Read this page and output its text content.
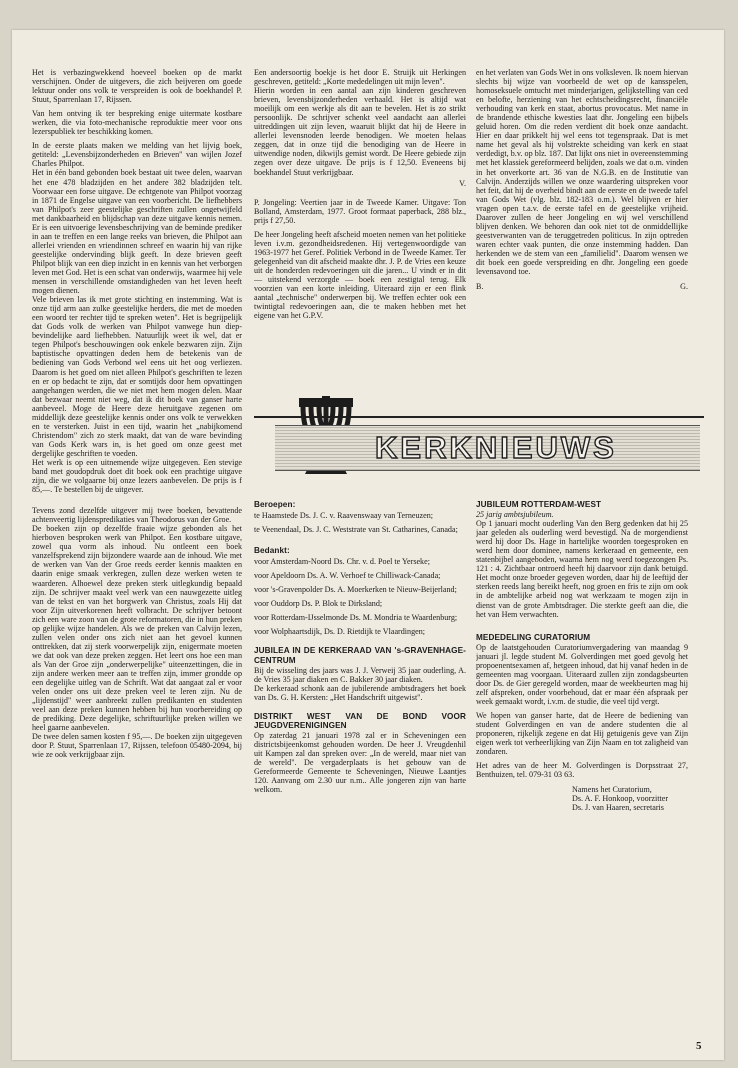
Het is verbazingwekkend hoeveel boeken op de markt verschijnen. Onder de uitgevers, die zich beijveren om goede lektuur onder ons volk te verspreiden is ook de boekhandel P. Stuut, Sparrenlaan 17, Rijssen.

Van hem ontving ik ter bespreking enige uitermate kostbare werken, die via foto-mechanische reproduktie meer voor ons lezerspubliek ter beschikking komen.

In de eerste plaats maken we melding van het lijvig boek, getiteld: „Levensbijzonderheden en Brieven" van wijlen Jozef Charles Philpot.

Het in één band gebonden boek bestaat uit twee delen, waarvan het ene 478 bladzijden en het andere 382 bladzijden telt. Voorwaar een forse uitgave. De echtgenote van Philpot voorzag in 1871 de Engelse uitgave van een voorbericht. De liefhebbers van Philpot's zeer geestelijke geschriften zullen ongetwijfeld met dankbaarheid en blijdschap van deze uitgave kennis nemen. Er is een uitvoerige levensbeschrijving van de beminde prediker in aan te treffen en een lange reeks van brieven, die Philpot aan allerlei vrienden en vriendinnen schreef en waarin hij van rijke geestelijke ondervinding blijk geeft. In deze brieven geeft Philpot blijk van een diep inzicht in en kennis van het verborgen leven met God. Het is een schat van onderwijs, waarmee hij vele mensen in verschillende omstandigheden van het leven heeft mogen dienen.

Vele brieven las ik met grote stichting en instemming. Wat is onze tijd arm aan zulke geestelijke herders, die met de moeden een woord ter rechter tijd te spreken weten". Het is begrijpelijk dat Gods volk de werken van Philpot vanwege hun diep-bevindelijke aard liefhebben. Natuurlijk weet ik wel, dat er tegen Philpot's beschouwingen ook enkele bezwaren zijn. Zijn baptistische opvattingen deden hem de betekenis van de bediening van Gods Verbond wel eens uit het oog verliezen. Daarom is het goed om niet alleen Philpot's geschriften te lezen en er op bedacht te zijn, dat er somtijds door hem opvattingen aangehangen werden, die we niet met hem mogen delen. Maar dat bezwaar neemt niet weg, dat ik dit boek van ganser harte aanbeveel. Moge de Heere deze heruitgave zegenen om middellijk deze geestelijke kennis onder ons volk te verwekken en te versterken. Juist in een tijd, waarin het „nabijkomend Christendom" zich zo sterk maakt, dat van de ware bevinding van Gods Kerk wars in, is het goed om onze geest met dergelijke geschriften te voeden.

Het werk is op een uitnemende wijze uitgegeven. Een stevige band met goudopdruk doet dit boek ook een prachtige uitgave zijn, die we volgaarne bij onze lezers aanbevelen. De prijs is f 85,—. Te bestellen bij de uitgever.

Tevens zond dezelfde uitgever mij twee boeken, bevattende achtenveertig lijdenspredikaties van Theodorus van der Groe.

De boeken zijn op dezelfde fraaie wijze gebonden als het hierboven besproken werk van Philpot. Een kostbare uitgave, zowel qua vorm als inhoud. Nu ontleent een boek vanzelfsprekend zijn bijzondere waarde aan de inhoud. Wie met de werken van Van der Groe reeds eerder kennis maakten en daarin enige smaak verkregen, zullen deze werken weten te waarderen. Alhoewel deze preken sterk uitlegkundig bepaald zijn. De schrijver maakt veel werk van een nauwgezette uitleg van de tekst en van het borgwerk van Christus, zoals Hij dat voor Zijn uitverkorenen heeft volbracht. De schrijver betoont zich een ware zoon van de grote reformatoren, die in hun preken op gelijke wijze handelen. Als we de preken van Calvijn lezen, zullen velen onder ons zich niet aan het gevoel kunnen onttrekken, dat zij sterk voorwerpelijk zijn, enigermate moeten we dat ook van deze preken zeggen. Het leert ons hoe een man als Van der Groe zijn „onderwerpelijke" uiteenzettingen, die in zijn andere werken meer aan te treffen zijn, immer grondde op een degelijke uitleg van de Schrift. Wat dat aangaat zal er voor velen onder ons uit deze preken veel te leren zijn. Nu de „lijdenstijd" weer aanbreekt zullen predikanten en studenten veel aan deze preken kunnen hebben bij hun voorbereiding op de prediking. Deze degelijke, schriftuurlijke preken willen we heel gaarne aanbevelen.

De twee delen samen kosten f 95,—. De boeken zijn uitgegeven door P. Stuut, Sparrenlaan 17, Rijssen, telefoon 05480-2094, bij wie ze ook verkrijgbaar zijn.

Een andersoortig boekje is het door E. Struijk uit Herkingen geschreven, getiteld: „Korte mededelingen uit mijn leven".

Hierin worden in een aantal aan zijn kinderen geschreven brieven, levensbijzonderheden verhaald. Het is altijd wat moeilijk om een werkje als dit aan te bevelen. Het is zo strikt persoonlijk. De schrijver schenkt veel aandacht aan allerlei uitreddingen uit zijn leven, waaruit blijkt dat hij de Heere in allerlei levensnoden leerde benodigen. We moeten helaas zeggen, dat in onze tijd die benodiging van de Heere in uitwendige noden, dikwijls gemist wordt. De Heere gebiede zijn zegen over deze uitgave. De prijs is f 12,50. Eveneens bij boekhandel Stuut verkrijgbaar.

V.

P. Jongeling: Veertien jaar in de Tweede Kamer. Uitgave: Ton Bolland, Amsterdam, 1977. Groot formaat paperback, 288 blz., prijs f 27,50.

De heer Jongeling heeft afscheid moeten nemen van het politieke leven i.v.m. gezondheidsredenen. Hij vertegenwoordigde van 1963-1977 het Geref. Politiek Verbond in de Tweede Kamer. Ter gelegenheid van dit afscheid maakte dhr. J. P. de Vries een keuze uit de honderden redevoeringen uit die jaren... U vindt er in dit — uitstekend verzorgde — boek een zestigtal terug. Elk voorzien van een korte inleiding. Uiteraard zijn er een flink aantal „technische" onderwerpen bij. We treffen echter ook een twintigtal redevoeringen aan, die te maken hebben met het eigene van het G.P.V.

en het verlaten van Gods Wet in ons volksleven. Ik noem hiervan slechts bij wijze van voorbeeld de wet op de kansspelen, homoseksuele omtucht met minderjarigen, gelijkstelling van ced en belofte, herziening van het echtscheidingsrecht, financiële verhouding van kerk en staat, abortus provocatus. Met name in de brandende ethische kwesties laat dhr. Jongeling een bijbels geluid horen. Om die reden verdient dit boek onze aandacht. Hier en daar prikkelt hij wel eens tot tegenspraak. Dat is met name het geval als hij volstrekte scheiding van kerk en staat verdedigt, b.v. op blz. 187. Dat lijkt ons niet in overeenstemming met het klassiek gereformeerd belijden, zoals we dat o.m. vinden in het onverkorte art. 36 van de N.G.B. en de Institutie van Calvijn. Anderzijds willen we onze waardering uitspreken voor het feit, dat hij de overheid bindt aan de eerste en de tweede tafel van Gods Wet (vlg. blz. 182-183 o.m.). Wel blijven er hier vragen open t.a.v. de eerste tafel en de geestelijke vrijheid. Daarover zullen de heer Jongeling en wij wel verschillend blijven denken. We behoren dan ook niet tot de onmiddellijke geestverwanten van de teruggetreden politicus. In zijn optreden waren echter vaak punten, die onze instemming hadden. Dan herkenden we de stem van een „familielid". Daarom wensen we dit boek een goede verspreiding en dhr. Jongeling een goede levensavond toe.

B.	G.
KERKNIEUWS
Beroepen:

te Haamstede Ds. J. C. v. Raavenswaay van Terneuzen;

te Veenendaal, Ds. J. C. Weststrate van St. Catharines, Canada;

Bedankt:

voor Amsterdam-Noord Ds. Chr. v. d. Poel te Yerseke;

voor Apeldoorn Ds. A. W. Verhoef te Chilliwack-Canada;

voor 's-Gravenpolder Ds. A. Moerkerken te Nieuw-Beijerland;

voor Ouddorp Ds. P. Blok te Dirksland;

voor Rotterdam-IJsselmonde Ds. M. Mondria te Waardenburg;

voor Wolphaartsdijk, Ds. D. Rietdijk te Vlaardingen;

JUBILEA IN DE KERKERAAD VAN 's-GRAVENHAGE-CENTRUM

Bij de wisseling des jaars was J. J. Verweij 35 jaar ouderling, A. de Vries 35 jaar diaken en C. Bakker 30 jaar diaken.

De kerkeraad schonk aan de jubilerende ambtsdragers het boek van Ds. G. H. Kersten: „Het Handschrift uitgewist".

DISTRIKT WEST VAN DE BOND VOOR JEUGDVERENIGINGEN

Op zaterdag 21 januari 1978 zal er in Scheveningen een districtsbijeenkomst gehouden worden. De heer J. Vreugdenhil uit Kampen zal dan spreken over: „In de wereld, maar niet van de wereld". De vergaderplaats is het gebouw van de Gereformeerde Gemeente te Scheveningen, Nieuwe Laantjes 120. Aanvang om 2.30 uur n.m.. Alle jongeren zijn van harte welkom.

JUBILEUM ROTTERDAM-WEST

25 jarig ambtsjubileum.

Op 1 januari mocht ouderling Van den Berg gedenken dat hij 25 jaar geleden als ouderling werd bevestigd. Na de morgendienst werd hij door Ds. Hage in hartelijke woorden toegesproken en werd hem door dominee, namens kerkeraad en gemeente, een statenbijbel aangeboden, waarna hem nog werd toegezongen Ps. 121 : 4. Zichtbaar ontroerd heeft hij daarvoor zijn dank betuigd. Het mocht onze broeder gegeven worden, daar hij de leeftijd der sterken reeds lang bereikt heeft, nog groen en fris te zijn om ook in de ambtelijke arbeid nog wat werkzaam te mogen zijn in dienst van de grote Ambtsdrager. Die sterkte geeft aan die, die het van Hem verwachten.

MEDEDELING CURATORIUM

Op de laatstgehouden Curatoriumvergadering van maandag 9 januari jl. legde student M. Golverdingen met goed gevolg het propoenentsexamen af, hetgeen inhoud, dat hij vanaf heden in de gemeenten mag voorgaan. Uiteraard zullen zijn zondagsbeurten door Ds. de Gier geregeld worden, maar de weekbeurten mag hij zelf afspreken, onder voorbehoud, dat er maar één afspraak per week gemaakt wordt, i.v.m. de studie, die veel tijd vergt.

We hopen van ganser harte, dat de Heere de bediening van student Golverdingen en van de andere studenten die al proponeren, rijkelijk zegene en dat Hij getuigenis geve van Zijn eigen werk tot verheerlijking van Zijn Naam en tot zaligheid van zondaren.

Het adres van de heer M. Golverdingen is Dorpsstraat 27, Benthuizen, tel. 079-31 03 63.

Namens het Curatorium,

Ds. A. F. Honkoop, voorzitter

Ds. J. van Haaren, secretaris

5
